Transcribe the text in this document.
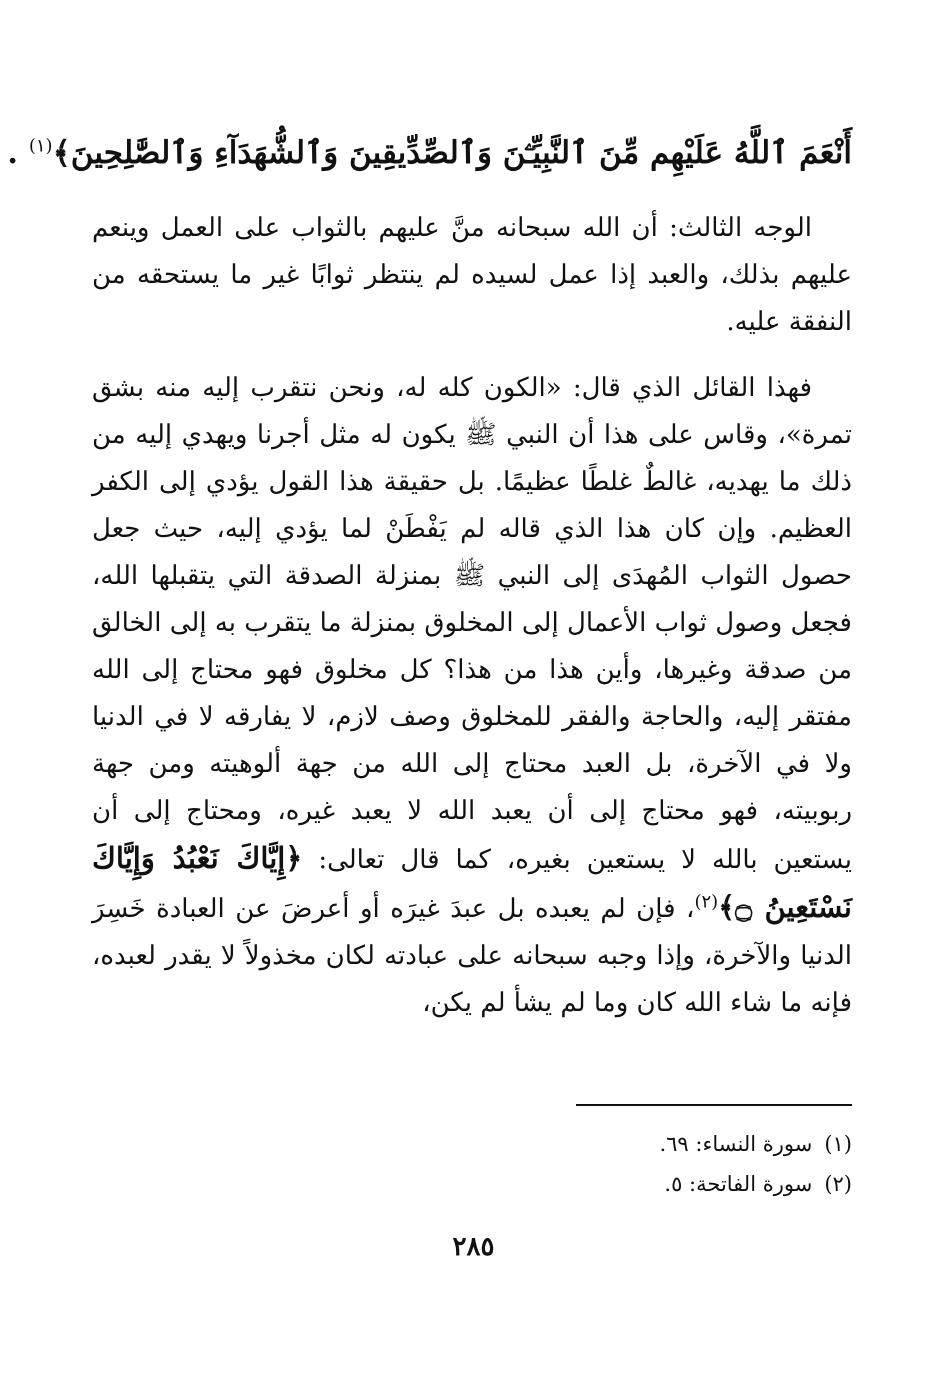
أَنْعَمَ ٱللَّهُ عَلَيْهِم مِّنَ ٱلنَّبِيِّـۧنَ وَٱلصِّدِّيقِينَ وَٱلشُّهَدَآءِ وَٱلصَّٰلِحِينَ﴾$^{(١)}$ .

الوجه الثالث: أن الله سبحانه منَّ عليهم بالثواب على العمل وينعم عليهم بذلك، والعبد إذا عمل لسيده لم ينتظر ثوابًا غير ما يستحقه من النفقة عليه.

فهذا القائل الذي قال: «الكون كله له، ونحن نتقرب إليه منه بشق تمرة»، وقاس على هذا أن النبي ﷺ يكون له مثل أجرنا ويهدي إليه من ذلك ما يهديه، غالطٌ غلطًا عظيمًا. بل حقيقة هذا القول يؤدي إلى الكفر العظيم. وإن كان هذا الذي قاله لم يَفْطَنْ لما يؤدي إليه، حيث جعل حصول الثواب المُهدَى إلى النبي ﷺ بمنزلة الصدقة التي يتقبلها الله، فجعل وصول ثواب الأعمال إلى المخلوق بمنزلة ما يتقرب به إلى الخالق من صدقة وغيرها، وأين هذا من هذا؟ كل مخلوق فهو محتاج إلى الله مفتقر إليه، والحاجة والفقر للمخلوق وصف لازم، لا يفارقه لا في الدنيا ولا في الآخرة، بل العبد محتاج إلى الله من جهة ألوهيته ومن جهة ربوبيته، فهو محتاج إلى أن يعبد الله لا يعبد غيره، ومحتاج إلى أن يستعين بالله لا يستعين بغيره، كما قال تعالى: ﴿إِيَّاكَ نَعْبُدُ وَإِيَّاكَ نَسْتَعِينُ ۝﴾$^{(٢)}$، فإن لم يعبده بل عبدَ غيرَه أو أعرضَ عن العبادة خَسِرَ الدنيا والآخرة، وإذا وجبه سبحانه على عبادته لكان مخذولاً لا يقدر لعبده، فإنه ما شاء الله كان وما لم يشأ لم يكن،

(١)سورة النساء: ٦٩.
(٢)سورة الفاتحة: ٥.
٢٨٥
